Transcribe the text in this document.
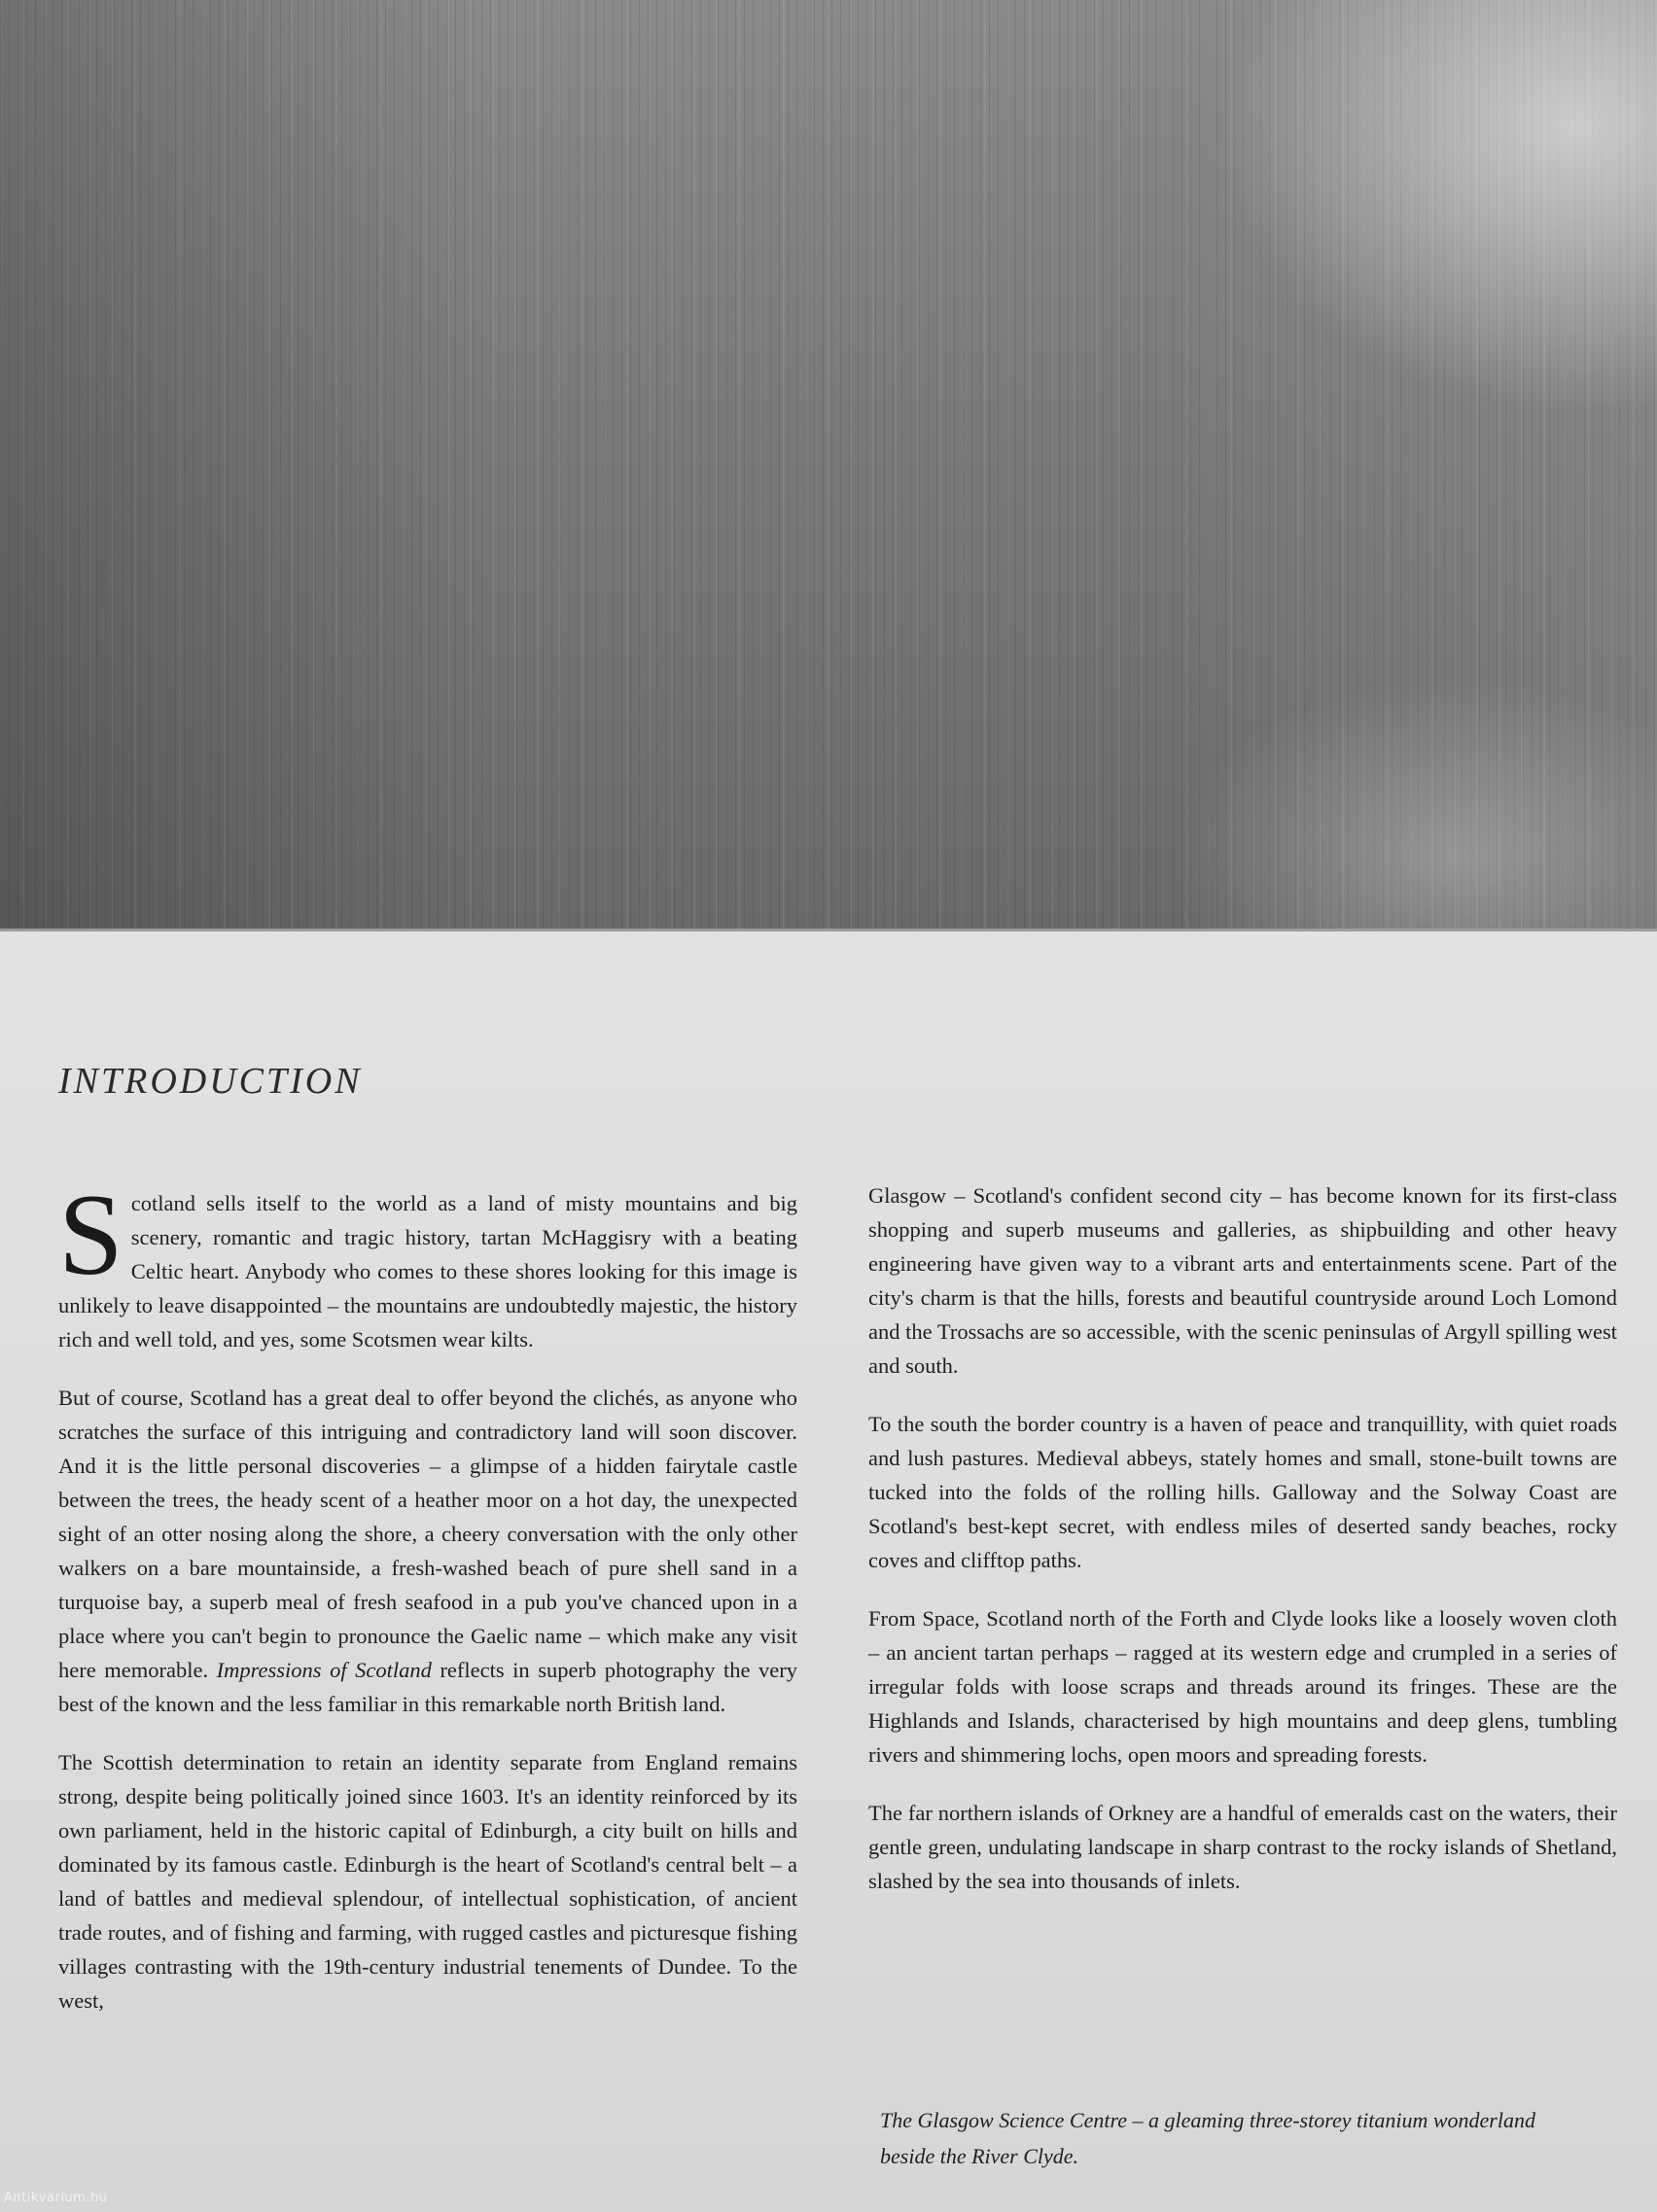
INTRODUCTION

Scotland sells itself to the world as a land of misty mountains and big scenery, romantic and tragic history, tartan McHaggisry with a beating Celtic heart. Anybody who comes to these shores looking for this image is unlikely to leave disappointed – the mountains are undoubtedly majestic, the history rich and well told, and yes, some Scotsmen wear kilts.

But of course, Scotland has a great deal to offer beyond the clichés, as anyone who scratches the surface of this intriguing and contradictory land will soon discover. And it is the little personal discoveries – a glimpse of a hidden fairytale castle between the trees, the heady scent of a heather moor on a hot day, the unexpected sight of an otter nosing along the shore, a cheery conversation with the only other walkers on a bare mountainside, a fresh-washed beach of pure shell sand in a turquoise bay, a superb meal of fresh seafood in a pub you've chanced upon in a place where you can't begin to pronounce the Gaelic name – which make any visit here memorable. Impressions of Scotland reflects in superb photography the very best of the known and the less familiar in this remarkable north British land.

The Scottish determination to retain an identity separate from England remains strong, despite being politically joined since 1603. It's an identity reinforced by its own parliament, held in the historic capital of Edinburgh, a city built on hills and dominated by its famous castle. Edinburgh is the heart of Scotland's central belt – a land of battles and medieval splendour, of intellectual sophistication, of ancient trade routes, and of fishing and farming, with rugged castles and picturesque fishing villages contrasting with the 19th-century industrial tenements of Dundee. To the west,

Glasgow – Scotland's confident second city – has become known for its first-class shopping and superb museums and galleries, as shipbuilding and other heavy engineering have given way to a vibrant arts and entertainments scene. Part of the city's charm is that the hills, forests and beautiful countryside around Loch Lomond and the Trossachs are so accessible, with the scenic peninsulas of Argyll spilling west and south.

To the south the border country is a haven of peace and tranquillity, with quiet roads and lush pastures. Medieval abbeys, stately homes and small, stone-built towns are tucked into the folds of the rolling hills. Galloway and the Solway Coast are Scotland's best-kept secret, with endless miles of deserted sandy beaches, rocky coves and clifftop paths.

From Space, Scotland north of the Forth and Clyde looks like a loosely woven cloth – an ancient tartan perhaps – ragged at its western edge and crumpled in a series of irregular folds with loose scraps and threads around its fringes. These are the Highlands and Islands, characterised by high mountains and deep glens, tumbling rivers and shimmering lochs, open moors and spreading forests.

The far northern islands of Orkney are a handful of emeralds cast on the waters, their gentle green, undulating landscape in sharp contrast to the rocky islands of Shetland, slashed by the sea into thousands of inlets.

The Glasgow Science Centre – a gleaming three-storey titanium wonderland beside the River Clyde.
Antikvarium.hu
